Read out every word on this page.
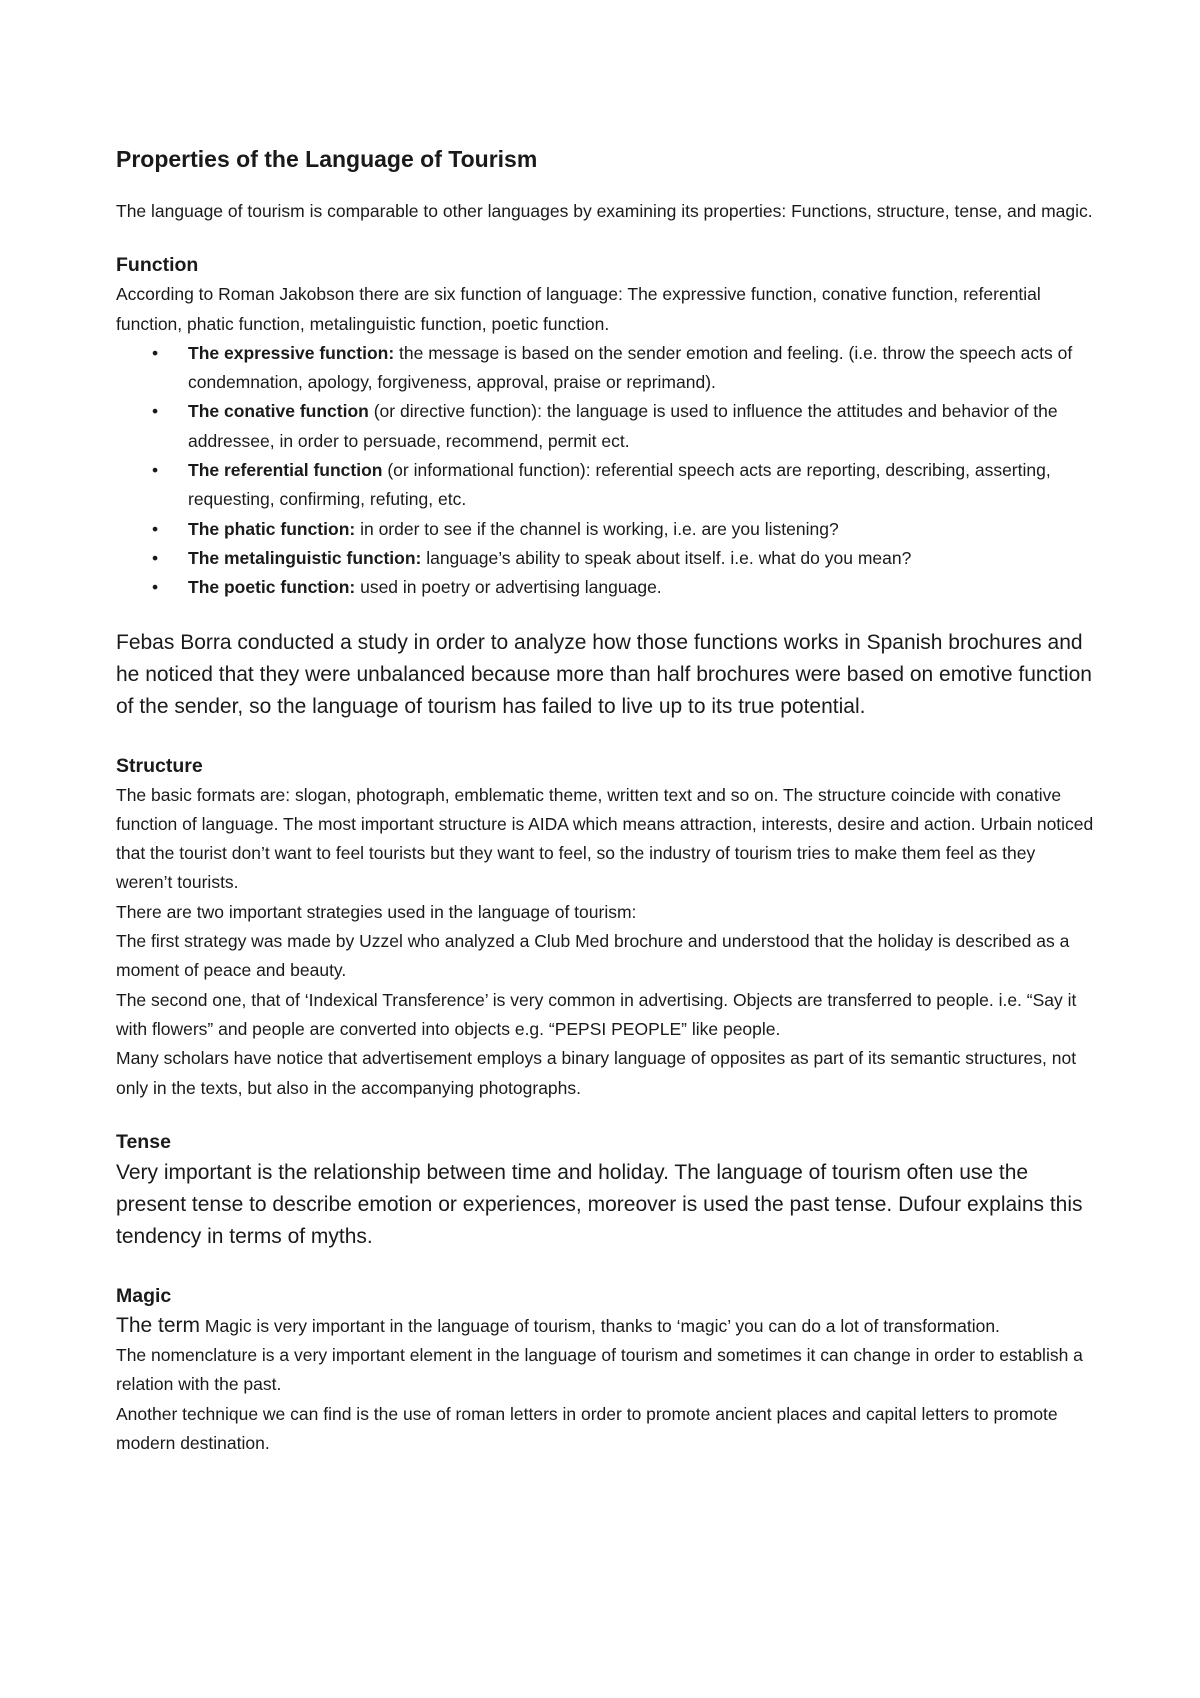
Properties of the Language of Tourism

The language of tourism is comparable to other languages by examining its properties: Functions, structure, tense, and magic.

Function

According to Roman Jakobson there are six function of language: The expressive function, conative function, referential function, phatic function, metalinguistic function, poetic function.

• The expressive function: the message is based on the sender emotion and feeling. (i.e. throw the speech acts of condemnation, apology, forgiveness, approval, praise or reprimand).
• The conative function (or directive function): the language is used to influence the attitudes and behavior of the addressee, in order to persuade, recommend, permit ect.
• The referential function (or informational function): referential speech acts are reporting, describing, asserting, requesting, confirming, refuting, etc.
• The phatic function: in order to see if the channel is working, i.e. are you listening?
• The metalinguistic function: language’s ability to speak about itself. i.e. what do you mean?
• The poetic function: used in poetry or advertising language.

Febas Borra conducted a study in order to analyze how those functions works in Spanish brochures and he noticed that they were unbalanced because more than half brochures were based on emotive function of the sender, so the language of tourism has failed to live up to its true potential.

Structure

The basic formats are: slogan, photograph, emblematic theme, written text and so on. The structure coincide with conative function of language. The most important structure is AIDA which means attraction, interests, desire and action. Urbain noticed that the tourist don’t want to feel tourists but they want to feel, so the industry of tourism tries to make them feel as they weren’t tourists.

There are two important strategies used in the language of tourism:

The first strategy was made by Uzzel who analyzed a Club Med brochure and understood that the holiday is described as a moment of peace and beauty.

The second one, that of ‘Indexical Transference’ is very common in advertising. Objects are transferred to people. i.e. “Say it with flowers” and people are converted into objects e.g. “PEPSI PEOPLE” like people.

Many scholars have notice that advertisement employs a binary language of opposites as part of its semantic structures, not only in the texts, but also in the accompanying photographs.

Tense

Very important is the relationship between time and holiday. The language of tourism often use the present tense to describe emotion or experiences, moreover is used the past tense. Dufour explains this tendency in terms of myths.

Magic

The term Magic is very important in the language of tourism, thanks to ‘magic’ you can do a lot of transformation.

The nomenclature is a very important element in the language of tourism and sometimes it can change in order to establish a relation with the past.

Another technique we can find is the use of roman letters in order to promote ancient places and capital letters to promote modern destination.
